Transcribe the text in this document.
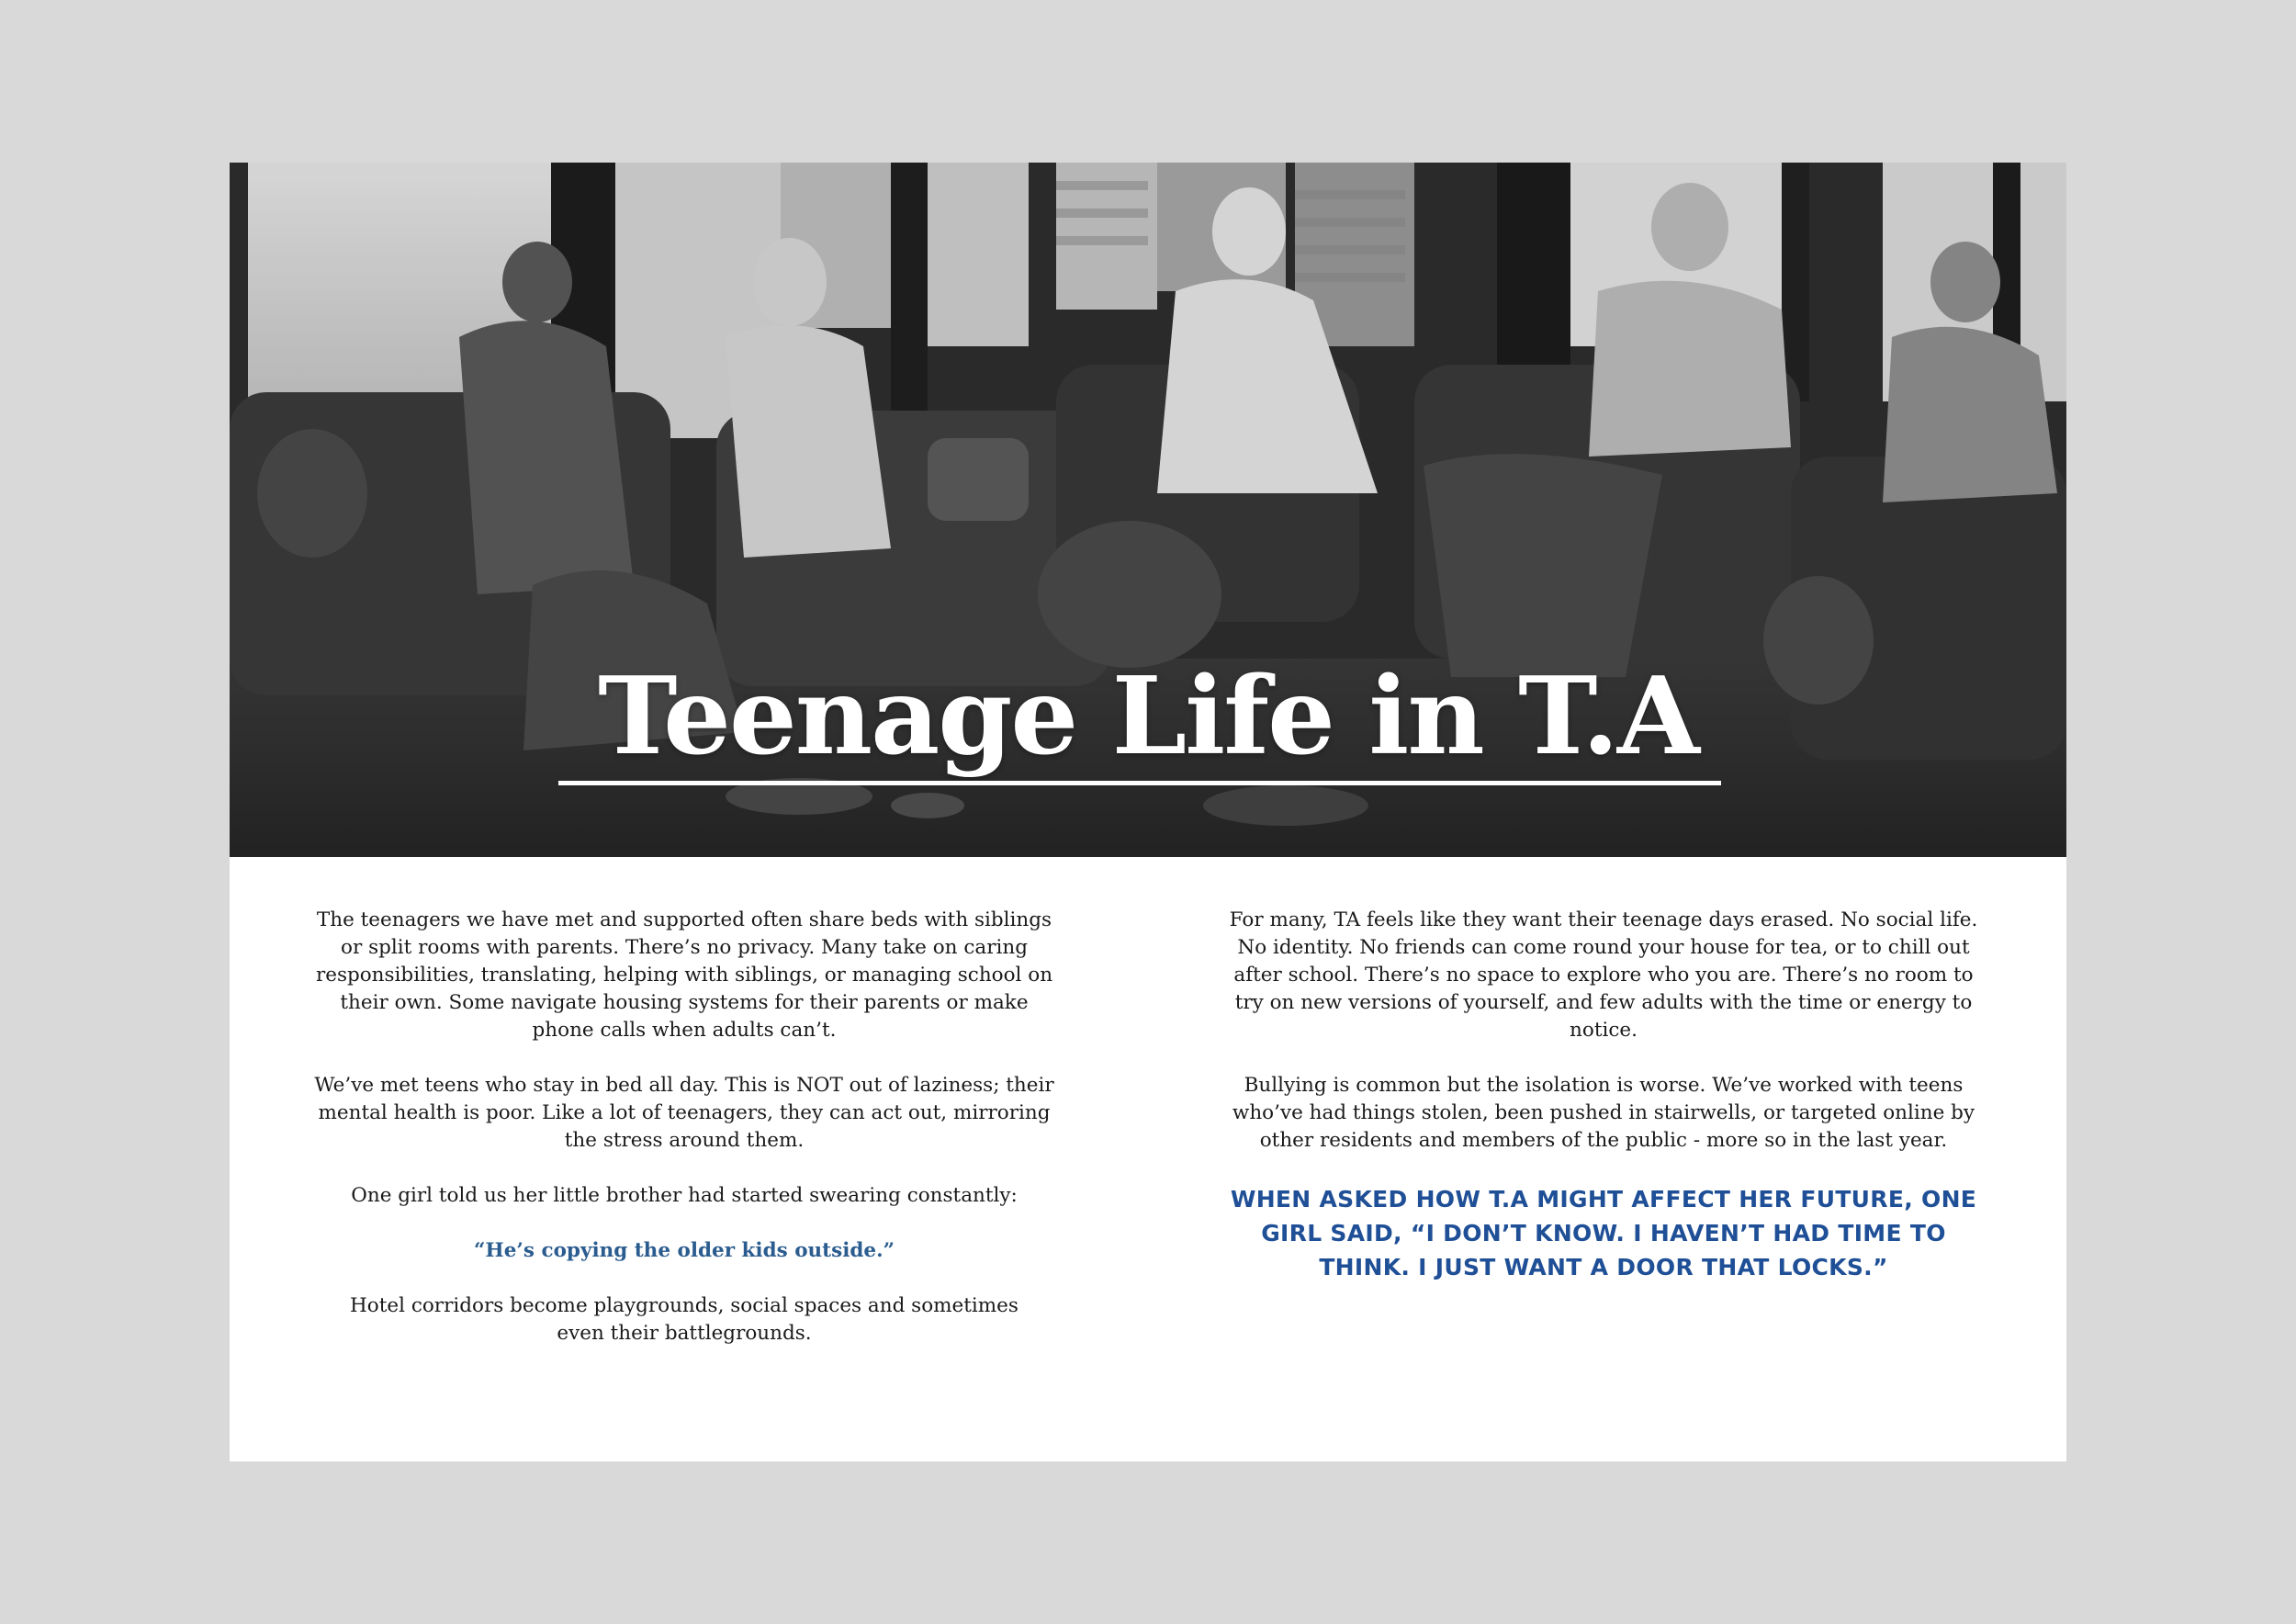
Teenage Life in T.A

The teenagers we have met and supported often share beds with siblings or split rooms with parents. There’s no privacy. Many take on caring responsibilities, translating, helping with siblings, or managing school on their own. Some navigate housing systems for their parents or make phone calls when adults can’t.

We’ve met teens who stay in bed all day. This is NOT out of laziness; their mental health is poor. Like a lot of teenagers, they can act out, mirroring the stress around them.

One girl told us her little brother had started swearing constantly:

“He’s copying the older kids outside.”

Hotel corridors become playgrounds, social spaces and sometimes even their battlegrounds.

For many, TA feels like they want their teenage days erased. No social life. No identity. No friends can come round your house for tea, or to chill out after school. There’s no space to explore who you are. There’s no room to try on new versions of yourself, and few adults with the time or energy to notice.

Bullying is common but the isolation is worse. We’ve worked with teens who’ve had things stolen, been pushed in stairwells, or targeted online by other residents and members of the public - more so in the last year.

WHEN ASKED HOW T.A MIGHT AFFECT HER FUTURE, ONE GIRL SAID, “I DON’T KNOW. I HAVEN’T HAD TIME TO THINK. I JUST WANT A DOOR THAT LOCKS.”
